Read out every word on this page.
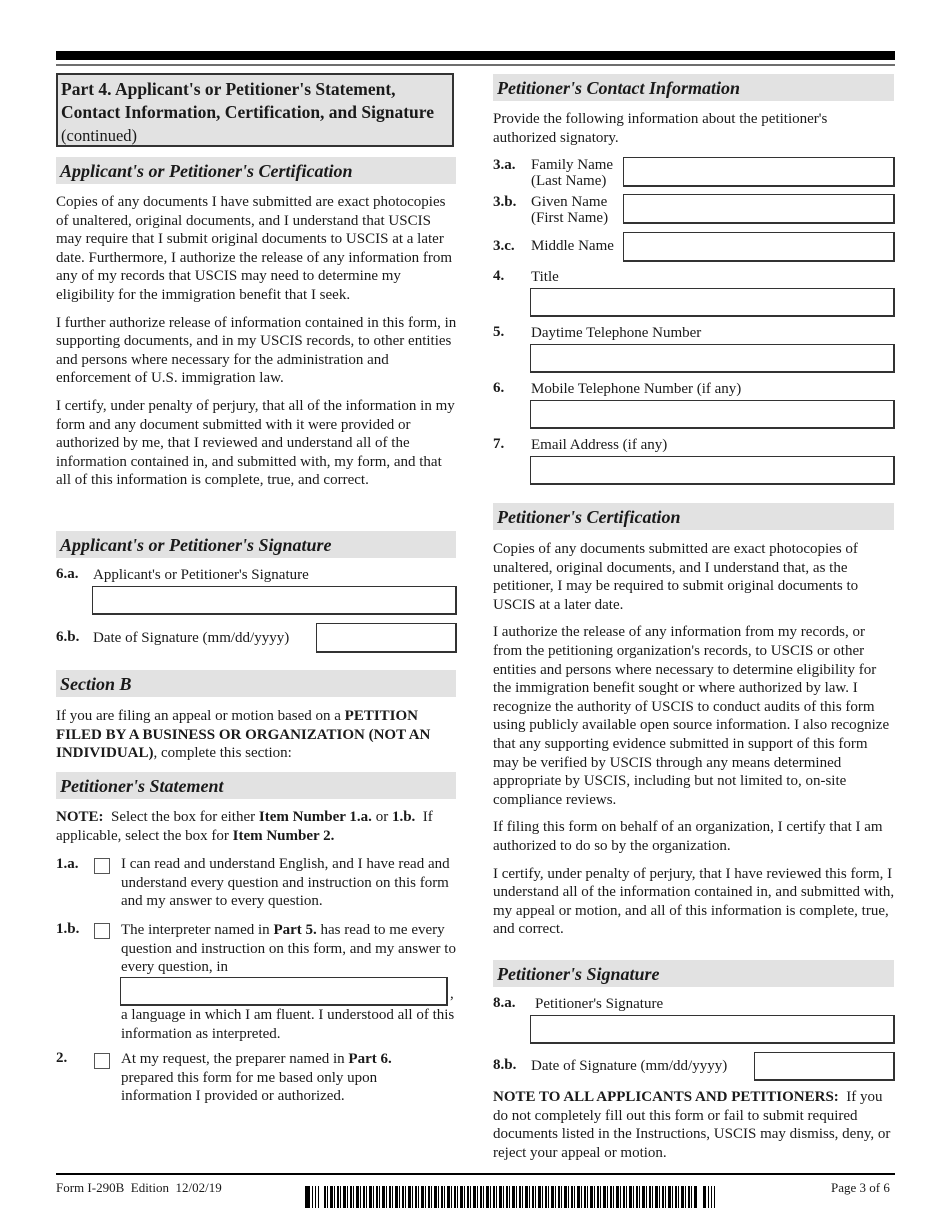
Part 4. Applicant's or Petitioner's Statement,
Contact Information, Certification, and Signature
(continued)
Applicant's or Petitioner's Certification

Copies of any documents I have submitted are exact photocopies of unaltered, original documents, and I understand that USCIS may require that I submit original documents to USCIS at a later date. Furthermore, I authorize the release of any information from any of my records that USCIS may need to determine my eligibility for the immigration benefit that I seek.

I further authorize release of information contained in this form, in supporting documents, and in my USCIS records, to other entities and persons where necessary for the administration and enforcement of U.S. immigration law.

I certify, under penalty of perjury, that all of the information in my form and any document submitted with it were provided or authorized by me, that I reviewed and understand all of the information contained in, and submitted with, my form, and that all of this information is complete, true, and correct.

Applicant's or Petitioner's Signature
6.a. Applicant's or Petitioner's Signature
6.b. Date of Signature (mm/dd/yyyy)
Section B
If you are filing an appeal or motion based on a PETITION FILED BY A BUSINESS OR ORGANIZATION (NOT AN INDIVIDUAL), complete this section:
Petitioner's Statement
NOTE:  Select the box for either Item Number 1.a. or 1.b.  If applicable, select the box for Item Number 2.
1.a.	I can read and understand English, and I have read and understand every question and instruction on this form and my answer to every question.
1.b.	The interpreter named in Part 5. has read to me every question and instruction on this form, and my answer to every question, in
,
a language in which I am fluent. I understood all of this information as interpreted.
2.	At my request, the preparer named in Part 6. prepared this form for me based only upon information I provided or authorized.
Petitioner's Contact Information
Provide the following information about the petitioner's authorized signatory.
3.a. Family Name
(Last Name)
3.b. Given Name
(First Name)
3.c. Middle Name
4. Title
5. Daytime Telephone Number
6. Mobile Telephone Number (if any)
7. Email Address (if any)
Petitioner's Certification

Copies of any documents submitted are exact photocopies of unaltered, original documents, and I understand that, as the petitioner, I may be required to submit original documents to USCIS at a later date.

I authorize the release of any information from my records, or from the petitioning organization's records, to USCIS or other entities and persons where necessary to determine eligibility for the immigration benefit sought or where authorized by law. I recognize the authority of USCIS to conduct audits of this form using publicly available open source information. I also recognize that any supporting evidence submitted in support of this form may be verified by USCIS through any means determined appropriate by USCIS, including but not limited to, on-site compliance reviews.

If filing this form on behalf of an organization, I certify that I am authorized to do so by the organization.

I certify, under penalty of perjury, that I have reviewed this form, I understand all of the information contained in, and submitted with, my appeal or motion, and all of this information is complete, true, and correct.

Petitioner's Signature
8.a. Petitioner's Signature
8.b. Date of Signature (mm/dd/yyyy)
NOTE TO ALL APPLICANTS AND PETITIONERS:  If you do not completely fill out this form or fail to submit required documents listed in the Instructions, USCIS may dismiss, deny, or reject your appeal or motion.
Form I-290B  Edition  12/02/19	Page 3 of 6
